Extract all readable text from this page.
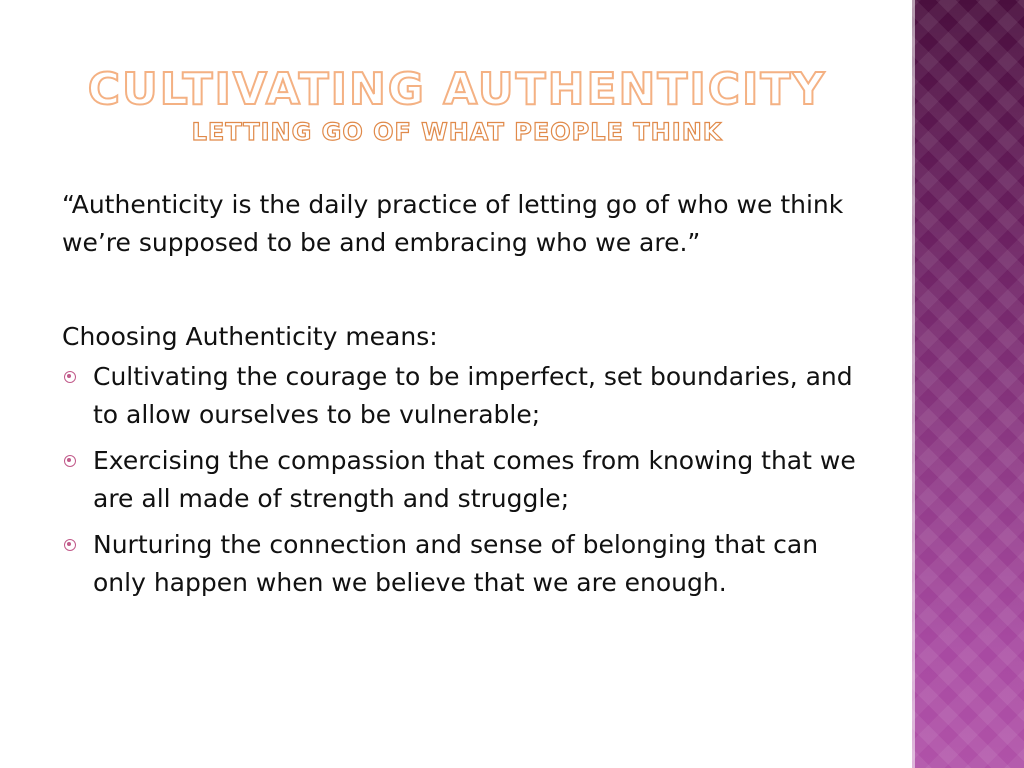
CULTIVATING AUTHENTICITY
LETTING GO OF WHAT PEOPLE THINK

“Authenticity is the daily practice of letting go of who we think we’re supposed to be and embracing who we are.”

Choosing Authenticity means:

Cultivating the courage to be imperfect, set boundaries, and to allow ourselves to be vulnerable;
Exercising the compassion that comes from knowing that we are all made of strength and struggle;
Nurturing the connection and sense of belonging that can only happen when we believe that we are enough.
